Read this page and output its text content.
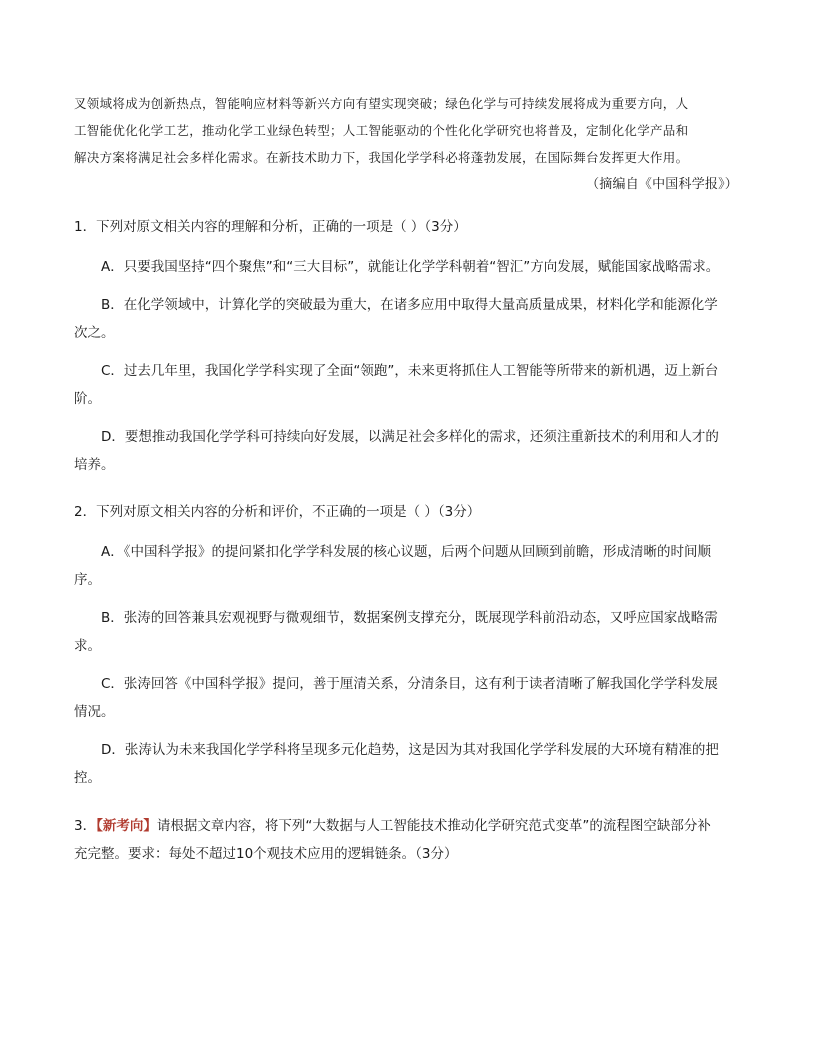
叉领域将成为创新热点，智能响应材料等新兴方向有望实现突破；绿色化学与可持续发展将成为重要方向，人

工智能优化化学工艺，推动化学工业绿色转型；人工智能驱动的个性化化学研究也将普及，定制化化学产品和

解决方案将满足社会多样化需求。在新技术助力下，我国化学学科必将蓬勃发展，在国际舞台发挥更大作用。

（摘编自《中国科学报》）

1．下列对原文相关内容的理解和分析，正确的一项是（ ）（3分）

A．只要我国坚持“四个聚焦”和“三大目标”，就能让化学学科朝着“智汇”方向发展，赋能国家战略需求。

B．在化学领域中，计算化学的突破最为重大，在诸多应用中取得大量高质量成果，材料化学和能源化学
次之。

C．过去几年里，我国化学学科实现了全面“领跑”，未来更将抓住人工智能等所带来的新机遇，迈上新台
阶。

D．要想推动我国化学学科可持续向好发展，以满足社会多样化的需求，还须注重新技术的利用和人才的
培养。

2．下列对原文相关内容的分析和评价，不正确的一项是（ ）（3分）

A．《中国科学报》的提问紧扣化学学科发展的核心议题，后两个问题从回顾到前瞻，形成清晰的时间顺
序。

B．张涛的回答兼具宏观视野与微观细节，数据案例支撑充分，既展现学科前沿动态，又呼应国家战略需
求。

C．张涛回答《中国科学报》提问，善于厘清关系，分清条目，这有利于读者清晰了解我国化学学科发展
情况。

D．张涛认为未来我国化学学科将呈现多元化趋势，这是因为其对我国化学学科发展的大环境有精准的把
控。

3．【新考向】请根据文章内容，将下列“大数据与人工智能技术推动化学研究范式变革”的流程图空缺部分补
充完整。要求：每处不超过10个观技术应用的逻辑链条。（3分）
